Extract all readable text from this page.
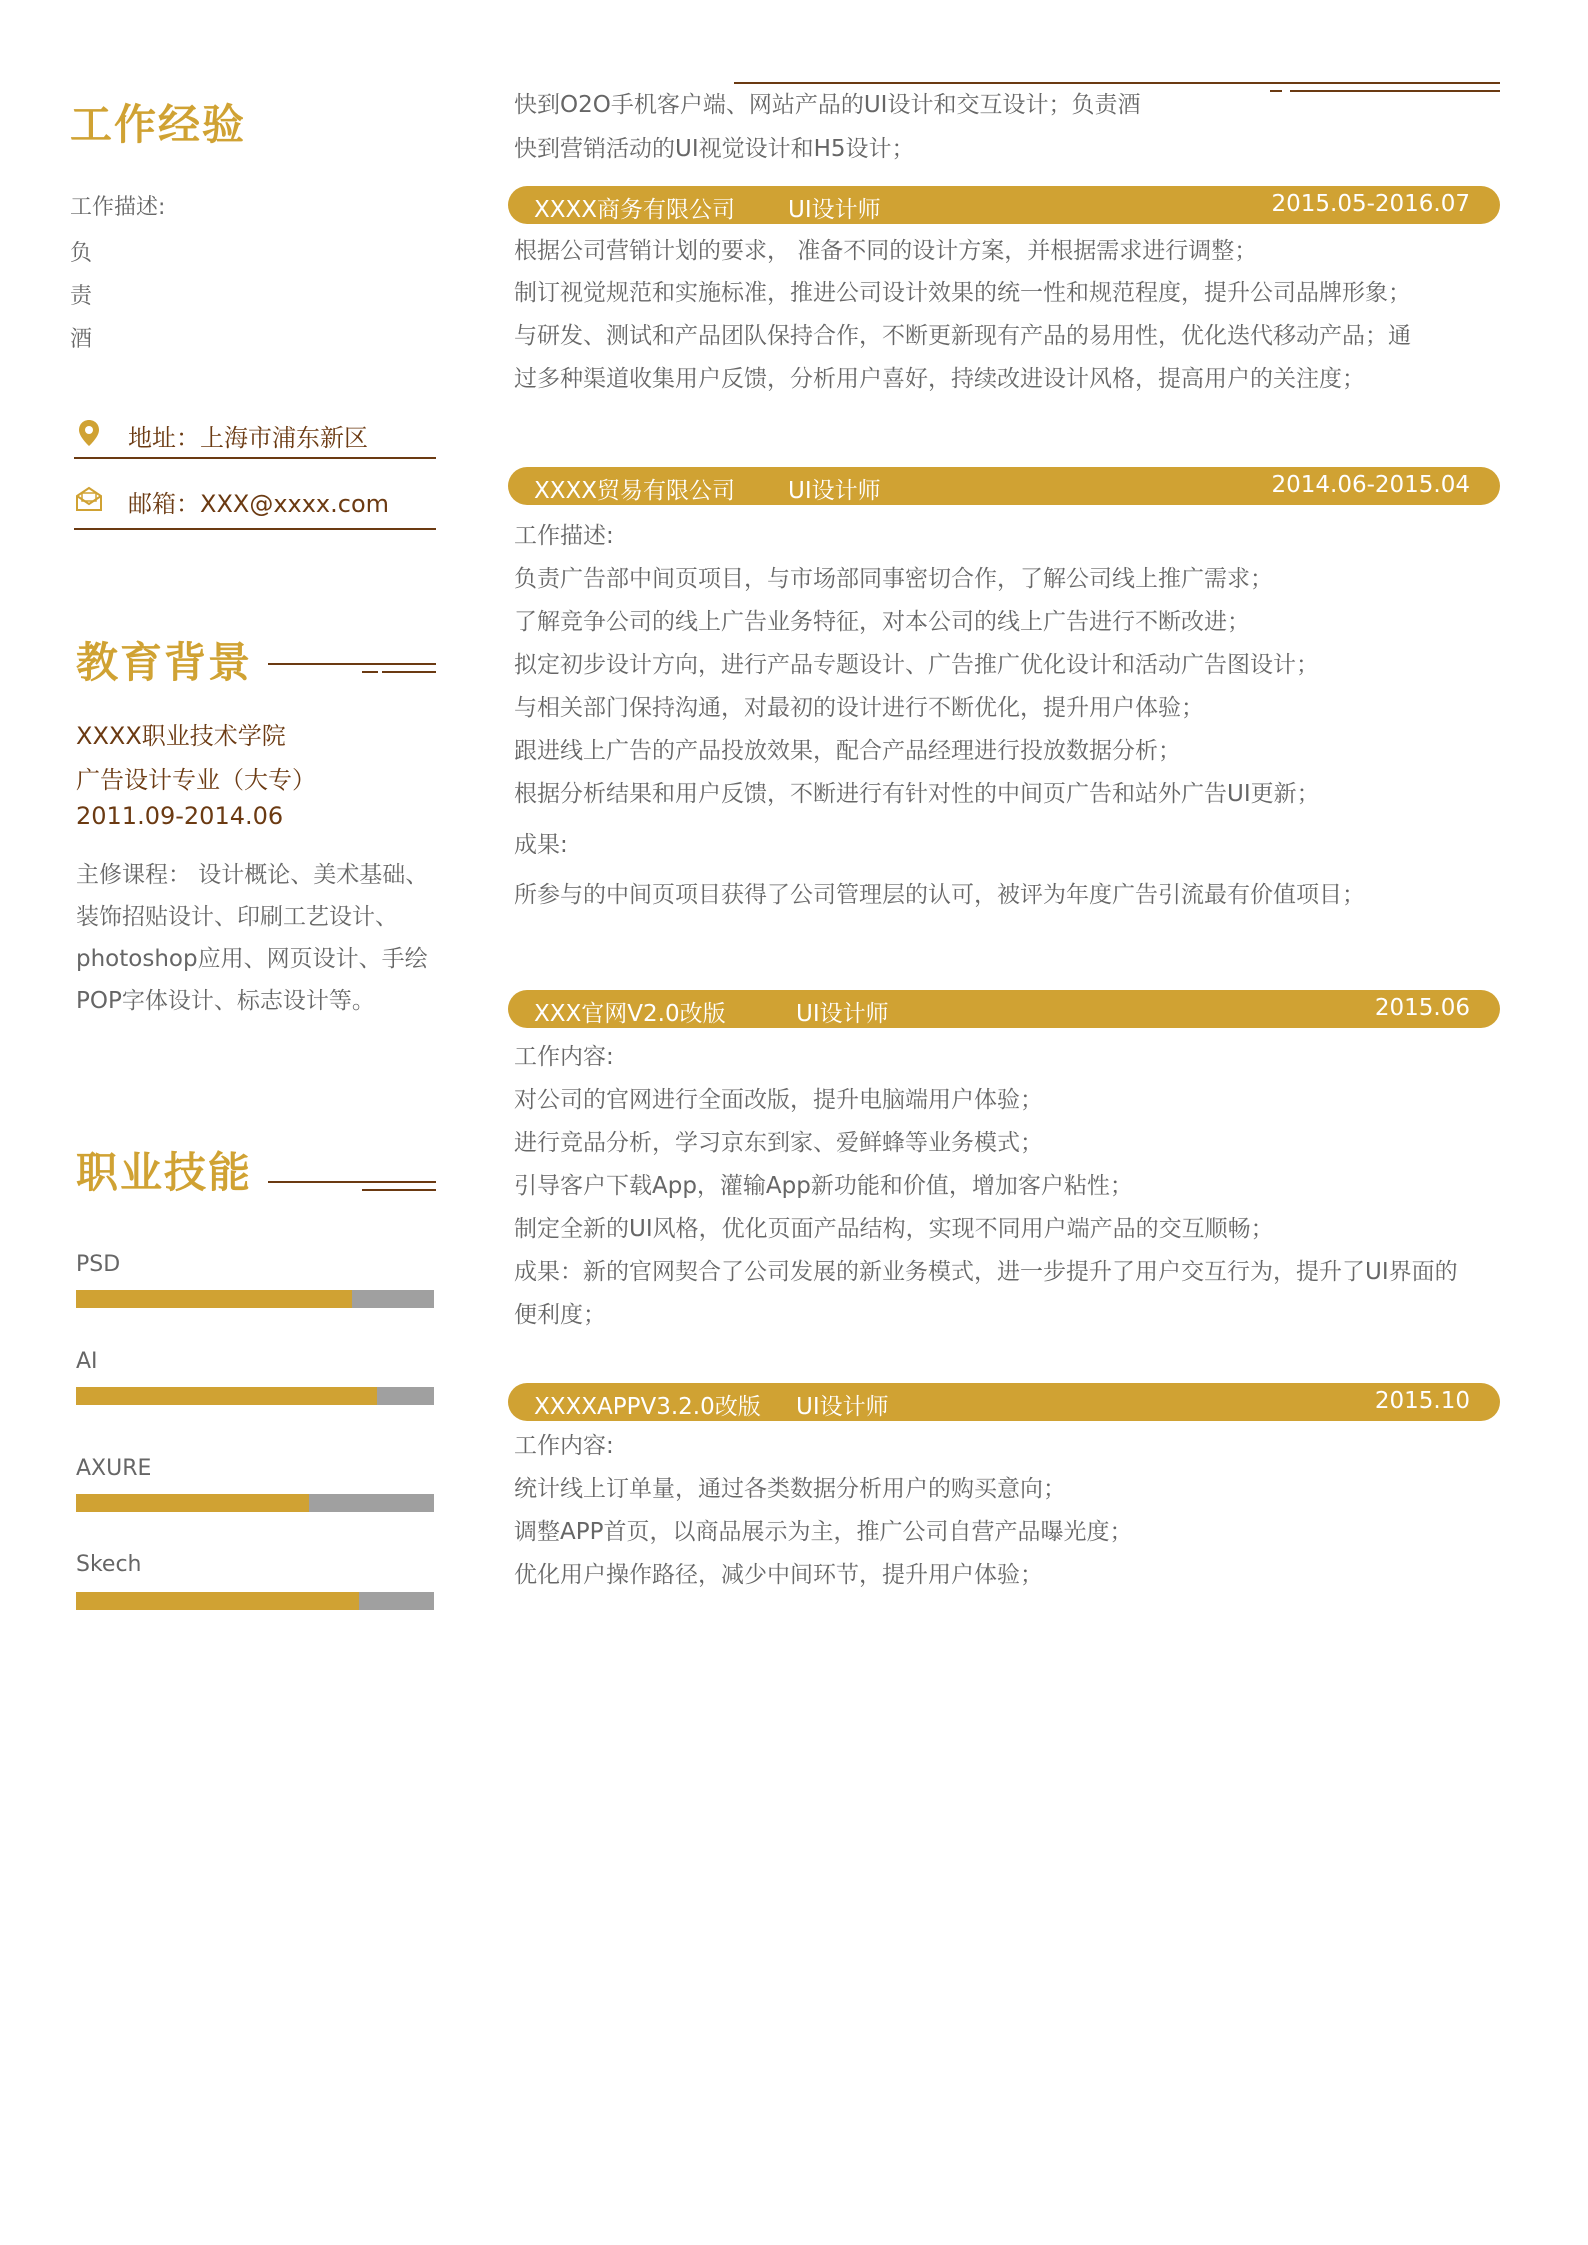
工作经验
工作描述:
负
责
酒
地址：上海市浦东新区
邮箱：XXX@xxxx.com
教育背景
XXXX职业技术学院
广告设计专业（大专）
2011.09-2014.06
主修课程： 设计概论、美术基础、
装饰招贴设计、印刷工艺设计、
photoshop应用、网页设计、手绘
POP字体设计、标志设计等。
职业技能
PSD
AI
AXURE
Skech
快到O2O手机客户端、网站产品的UI设计和交互设计；负责酒
快到营销活动的UI视觉设计和H5设计；
XXXX商务有限公司 UI设计师	2015.05-2016.07
根据公司营销计划的要求， 准备不同的设计方案，并根据需求进行调整；
制订视觉规范和实施标准，推进公司设计效果的统一性和规范程度，提升公司品牌形象；
与研发、测试和产品团队保持合作，不断更新现有产品的易用性，优化迭代移动产品；通
过多种渠道收集用户反馈，分析用户喜好，持续改进设计风格，提高用户的关注度；
XXXX贸易有限公司 UI设计师	2014.06-2015.04
工作描述:
负责广告部中间页项目，与市场部同事密切合作，了解公司线上推广需求；
了解竞争公司的线上广告业务特征，对本公司的线上广告进行不断改进；
拟定初步设计方向，进行产品专题设计、广告推广优化设计和活动广告图设计；
与相关部门保持沟通，对最初的设计进行不断优化，提升用户体验；
跟进线上广告的产品投放效果，配合产品经理进行投放数据分析；
根据分析结果和用户反馈，不断进行有针对性的中间页广告和站外广告UI更新；
成果:
所参与的中间页项目获得了公司管理层的认可，被评为年度广告引流最有价值项目；
XXX官网V2.0改版	UI设计师	2015.06
工作内容:
对公司的官网进行全面改版，提升电脑端用户体验；
进行竞品分析，学习京东到家、爱鲜蜂等业务模式；
引导客户下载App，灌输App新功能和价值，增加客户粘性；
制定全新的UI风格，优化页面产品结构，实现不同用户端产品的交互顺畅；
成果：新的官网契合了公司发展的新业务模式，进一步提升了用户交互行为，提升了UI界面的
便利度；
XXXXAPPV3.2.0改版 UI设计师	2015.10
工作内容:
统计线上订单量，通过各类数据分析用户的购买意向；
调整APP首页，以商品展示为主，推广公司自营产品曝光度；
优化用户操作路径，减少中间环节，提升用户体验；
